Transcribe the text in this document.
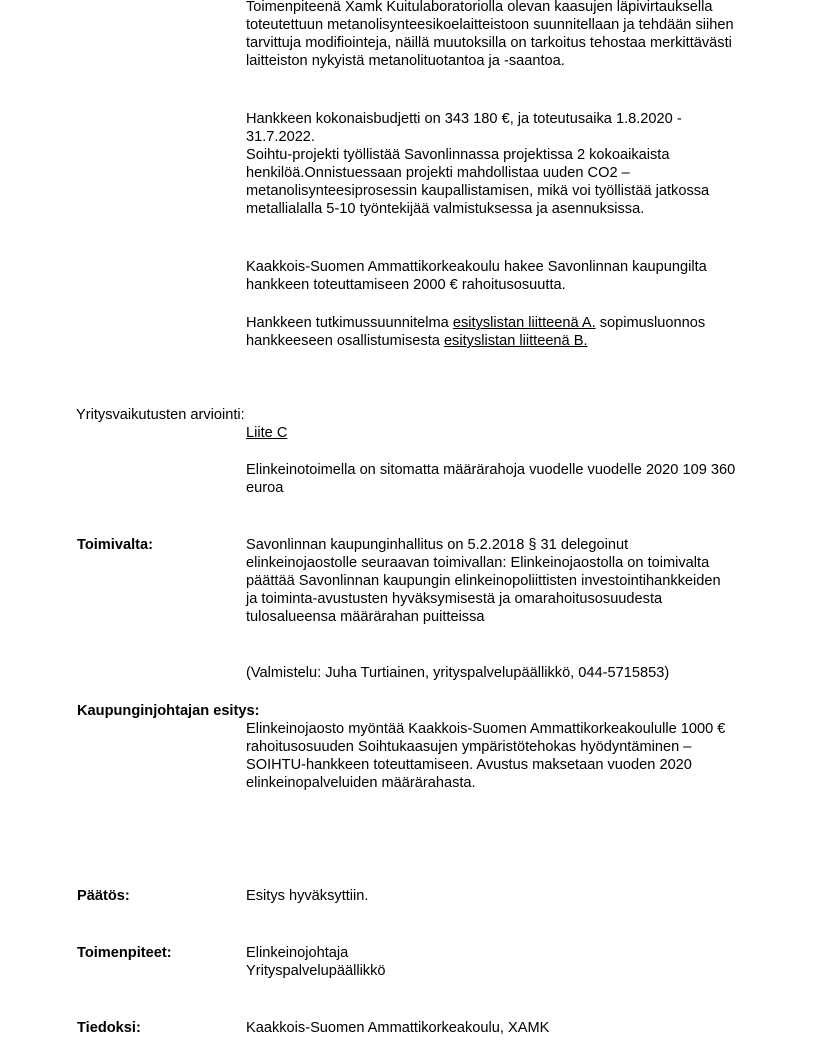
Toimenpiteenä Xamk Kuitulaboratoriolla olevan kaasujen läpivirtauksella toteutettuun metanolisynteesikoelaitteistoon suunnitellaan ja tehdään siihen tarvittuja modifiointeja, näillä muutoksilla on tarkoitus tehostaa merkittävästi laitteiston nykyistä metanolituotantoa ja -saantoa.

Hankkeen kokonaisbudjetti on 343 180 €, ja toteutusaika 1.8.2020 - 31.7.2022.

Soihtu-projekti työllistää Savonlinnassa projektissa 2 kokoaikaista henkilöä.Onnistuessaan projekti mahdollistaa uuden CO2 –metanolisynteesiprosessin kaupallistamisen, mikä voi työllistää jatkossa metallialalla 5-10 työntekijää valmistuksessa ja asennuksissa.

Kaakkois-Suomen Ammattikorkeakoulu hakee Savonlinnan kaupungilta hankkeen toteuttamiseen 2000 € rahoitusosuutta.

Hankkeen tutkimussuunnitelma esityslistan liitteenä A. sopimusluonnos hankkeeseen osallistumisesta esityslistan liitteenä B.

Yritysvaikutusten arviointi:

Liite C

Elinkeinotoimella on sitomatta määrärahoja vuodelle vuodelle 2020 109 360 euroa

Toimivalta:	Savonlinnan kaupunginhallitus on 5.2.2018 § 31 delegoinut elinkeinojaostolle seuraavan toimivallan: Elinkeinojaostolla on toimivalta päättää Savonlinnan kaupungin elinkeinopoliittisten investointihankkeiden ja toiminta-avustusten hyväksymisestä ja omarahoitusosuudesta tulosalueensa määrärahan puitteissa

(Valmistelu: Juha Turtiainen, yrityspalvelupäällikkö, 044-5715853)

Kaupunginjohtajan esitys:

Elinkeinojaosto myöntää Kaakkois-Suomen Ammattikorkeakoululle 1000 € rahoitusosuuden Soihtukaasujen ympäristötehokas hyödyntäminen – SOIHTU-hankkeen toteuttamiseen. Avustus maksetaan vuoden 2020 elinkeinopalveluiden määrärahasta.

Päätös:	Esitys hyväksyttiin.

Toimenpiteet:	Elinkeinojohtaja
Yrityspalvelupäällikkö

Tiedoksi:	Kaakkois-Suomen Ammattikorkeakoulu, XAMK
